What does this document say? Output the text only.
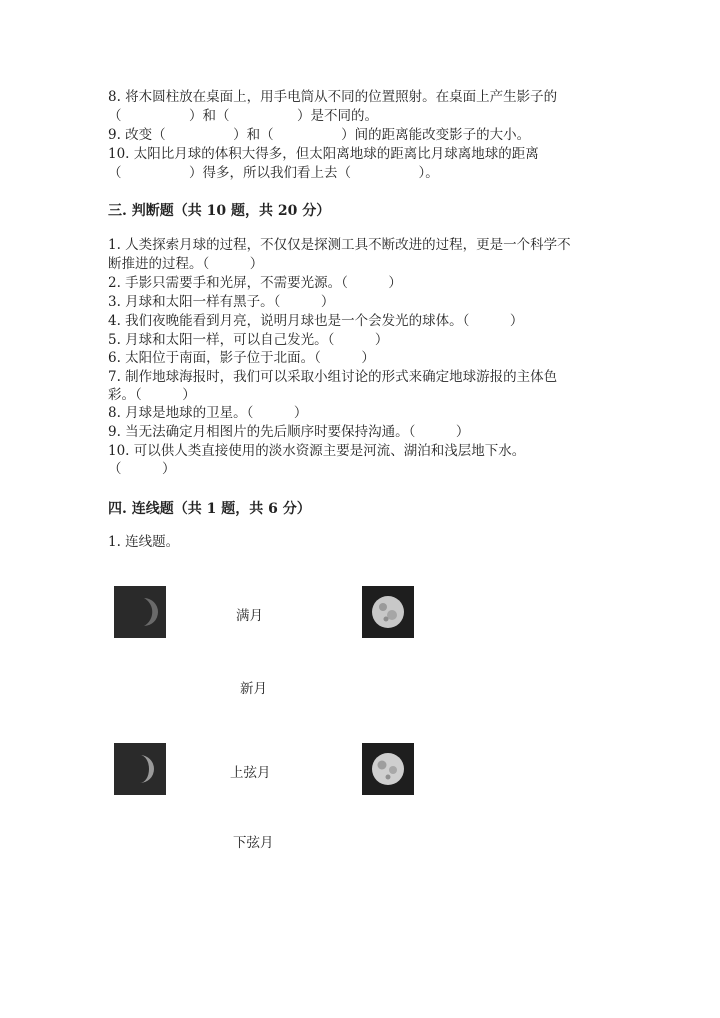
8. 将木圆柱放在桌面上，用手电筒从不同的位置照射。在桌面上产生影子的
（　　　　　）和（　　　　　）是不同的。
9. 改变（　　　　　）和（　　　　　）间的距离能改变影子的大小。
10. 太阳比月球的体积大得多，但太阳离地球的距离比月球离地球的距离
（　　　　　）得多，所以我们看上去（　　　　　）。
三. 判断题（共 10 题，共 20 分）
1. 人类探索月球的过程，不仅仅是探测工具不断改进的过程，更是一个科学不
断推进的过程。（　　　）
2. 手影只需要手和光屏，不需要光源。（　　　）
3. 月球和太阳一样有黑子。（　　　）
4. 我们夜晚能看到月亮，说明月球也是一个会发光的球体。（　　　）
5. 月球和太阳一样，可以自己发光。（　　　）
6. 太阳位于南面，影子位于北面。（　　　）
7. 制作地球海报时，我们可以采取小组讨论的形式来确定地球游报的主体色
彩。（　　　）
8. 月球是地球的卫星。（　　　）
9. 当无法确定月相图片的先后顺序时要保持沟通。（　　　）
10. 可以供人类直接使用的淡水资源主要是河流、湖泊和浅层地下水。
（　　　）
四. 连线题（共 1 题，共 6 分）
1. 连线题。
满月
新月
上弦月
下弦月
